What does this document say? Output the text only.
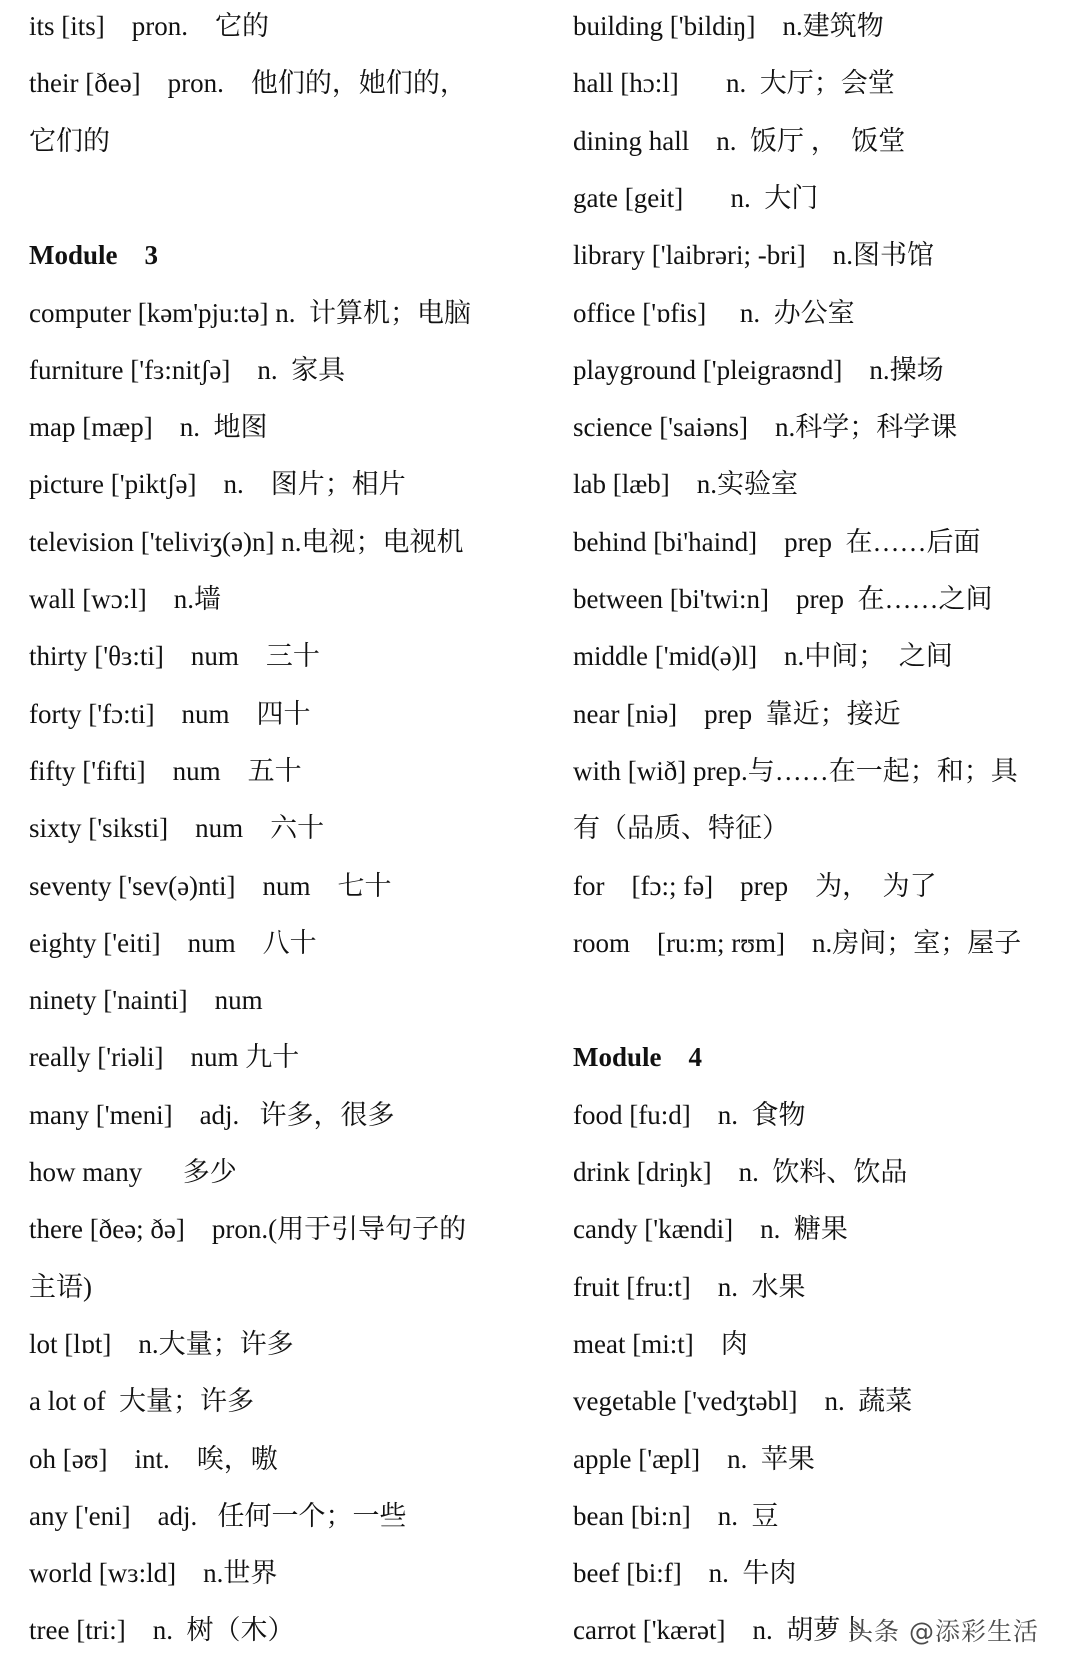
its [its]    pron.    它的
their [ðeə]    pron.    他们的，她们的，
它们的
Module    3
computer [kəm'pju:tə] n.  计算机；电脑
furniture ['fɜ:nitʃə]    n.  家具
map [mæp]    n.  地图
picture ['piktʃə]    n.    图片；相片
television ['teliviʒ(ə)n] n.电视；电视机
wall [wɔ:l]    n.墙
thirty ['θɜ:ti]    num    三十
forty ['fɔ:ti]    num    四十
fifty ['fifti]    num    五十
sixty ['siksti]    num    六十
seventy ['sev(ə)nti]    num    七十
eighty ['eiti]    num    八十
ninety ['nainti]    num
really ['riəli]    num 九十
many ['meni]    adj.   许多，很多
how many      多少
there [ðeə; ðə]    pron.(用于引导句子的
主语)
lot [lɒt]    n.大量；许多
a lot of  大量；许多
oh [əʊ]    int.    唉，嗷
any ['eni]    adj.   任何一个；一些
world [wɜ:ld]    n.世界
tree [tri:]    n.  树（木）
building ['bildiŋ]    n.建筑物
hall [hɔ:l]       n.  大厅；会堂
dining hall    n.  饭厅 ，  饭堂
gate [geit]       n.  大门
library ['laibrəri; -bri]    n.图书馆
office ['ɒfis]     n.  办公室
playground ['pleigraʊnd]    n.操场
science ['saiəns]    n.科学；科学课
lab [læb]    n.实验室
behind [bi'haind]    prep  在……后面
between [bi'twi:n]    prep  在……之间
middle ['mid(ə)l]    n.中间；  之间
near [niə]    prep  靠近；接近
with [wið] prep.与……在一起；和；具
有（品质、特征）
for    [fɔ:; fə]    prep    为，  为了
room    [ru:m; rʊm]    n.房间；室；屋子
Module    4
food [fu:d]    n.  食物
drink [driŋk]    n.  饮料、饮品
candy ['kændi]    n.  糖果
fruit [fru:t]    n.  水果
meat [mi:t]    肉
vegetable ['vedʒtəbl]    n.  蔬菜
apple ['æpl]    n.  苹果
bean [bi:n]    n.  豆
beef [bi:f]    n.  牛肉
carrot ['kærət]    n.  胡萝卜
头条 @添彩生活
